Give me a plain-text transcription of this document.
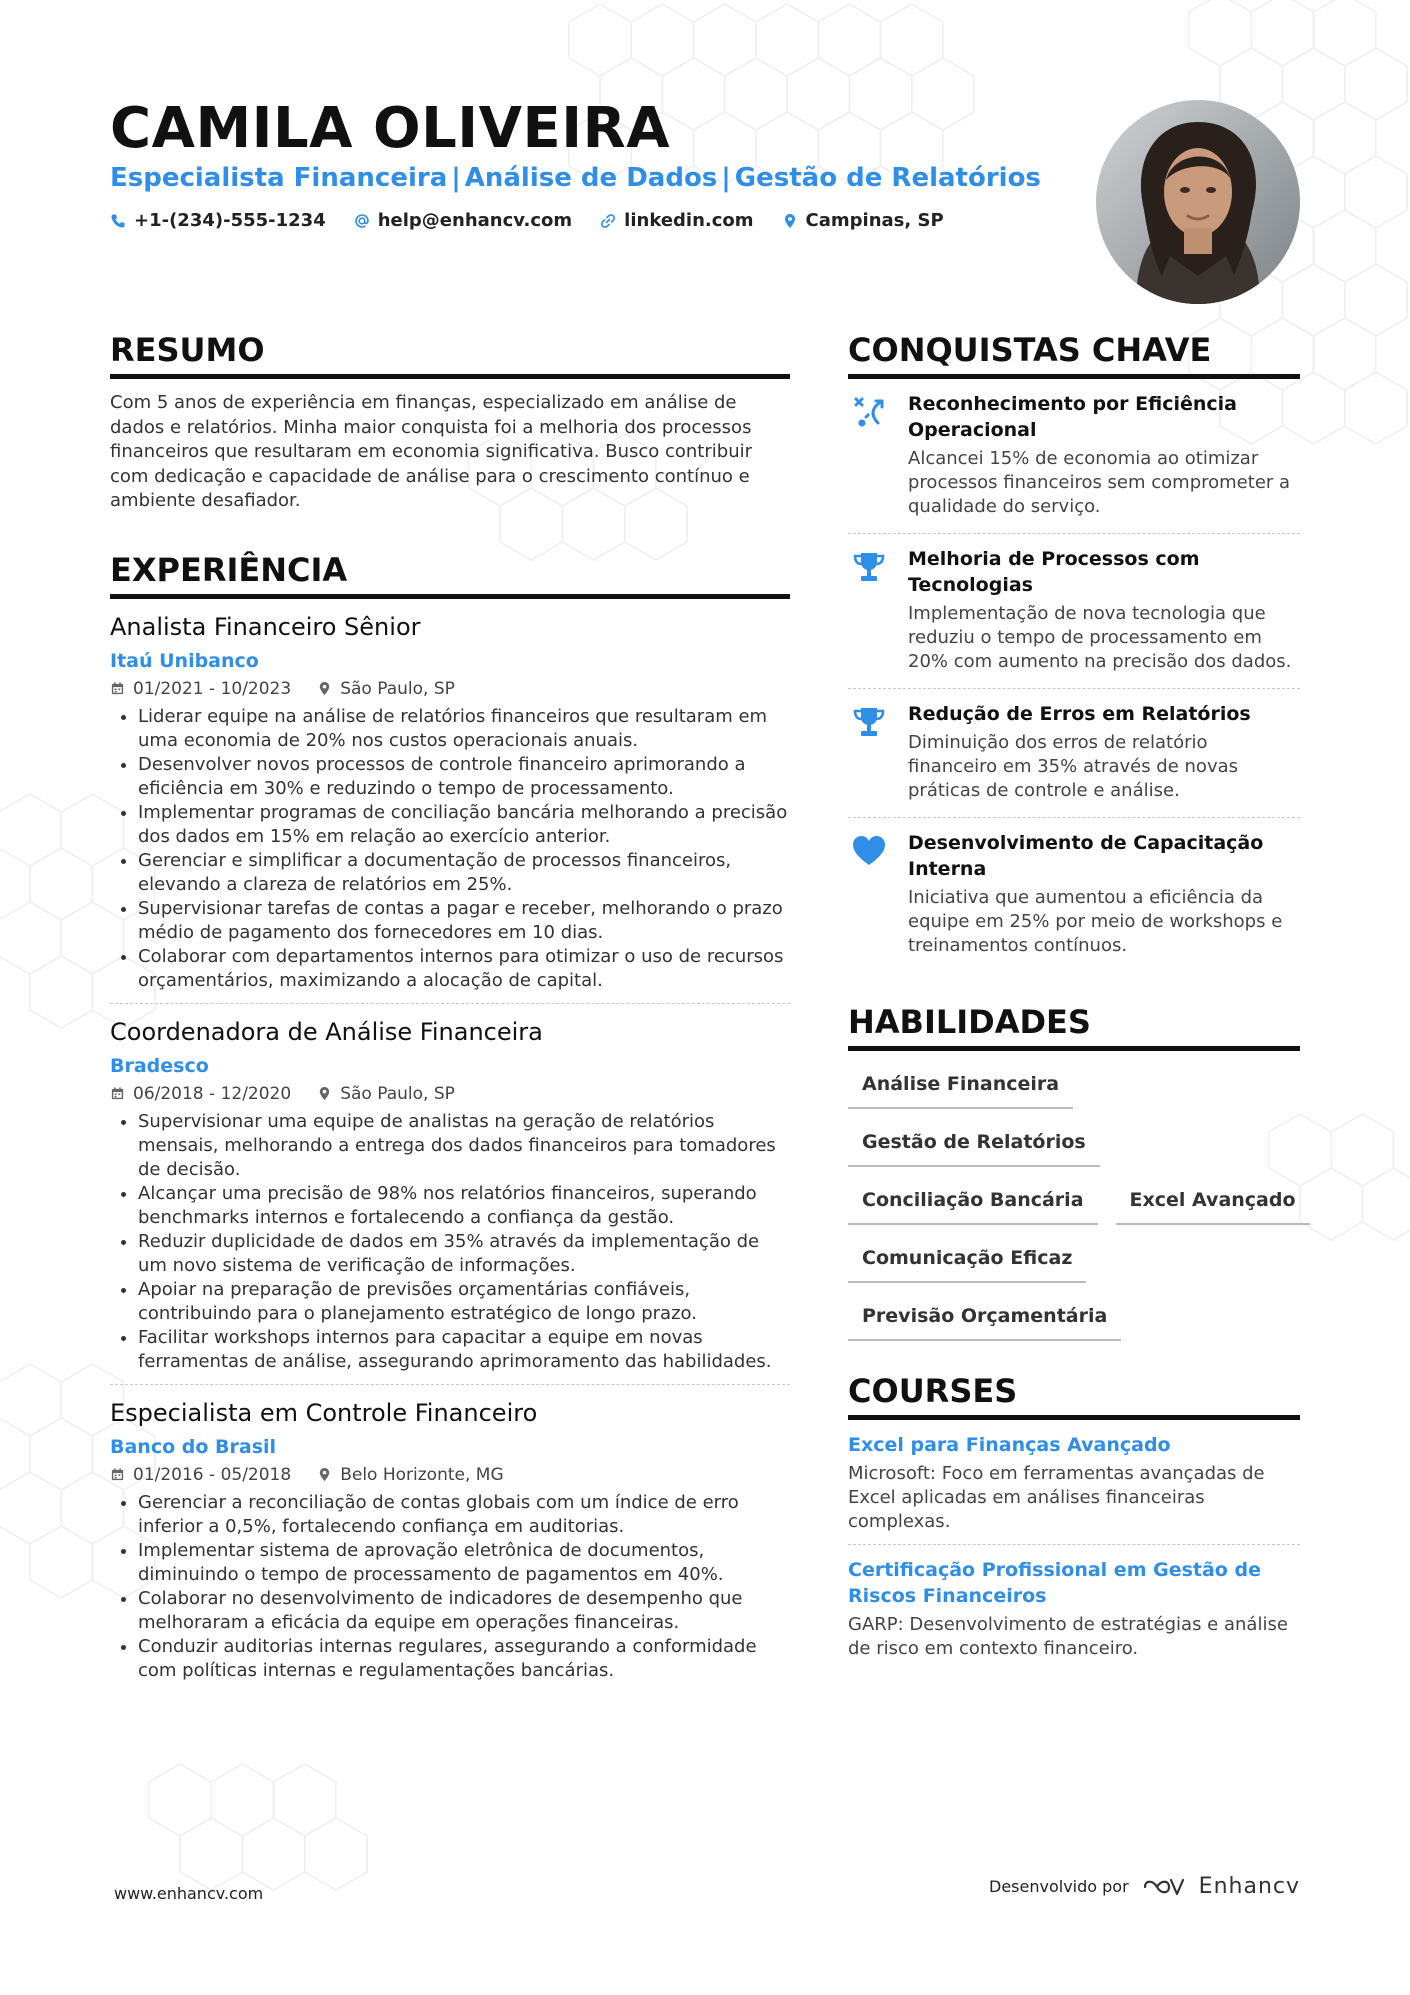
CAMILA OLIVEIRA
Especialista Financeira | Análise de Dados | Gestão de Relatórios
+1-(234)-555-1234	help@enhancv.com	linkedin.com	Campinas, SP
RESUMO

Com 5 anos de experiência em finanças, especializado em análise de dados e relatórios. Minha maior conquista foi a melhoria dos processos financeiros que resultaram em economia significativa. Busco contribuir com dedicação e capacidade de análise para o crescimento contínuo e ambiente desafiador.

EXPERIÊNCIA
Analista Financeiro Sênior
Itaú Unibanco
01/2021 - 10/2023	São Paulo, SP
• Liderar equipe na análise de relatórios financeiros que resultaram em uma economia de 20% nos custos operacionais anuais.
• Desenvolver novos processos de controle financeiro aprimorando a eficiência em 30% e reduzindo o tempo de processamento.
• Implementar programas de conciliação bancária melhorando a precisão dos dados em 15% em relação ao exercício anterior.
• Gerenciar e simplificar a documentação de processos financeiros, elevando a clareza de relatórios em 25%.
• Supervisionar tarefas de contas a pagar e receber, melhorando o prazo médio de pagamento dos fornecedores em 10 dias.
• Colaborar com departamentos internos para otimizar o uso de recursos orçamentários, maximizando a alocação de capital.
Coordenadora de Análise Financeira
Bradesco
06/2018 - 12/2020	São Paulo, SP
• Supervisionar uma equipe de analistas na geração de relatórios mensais, melhorando a entrega dos dados financeiros para tomadores de decisão.
• Alcançar uma precisão de 98% nos relatórios financeiros, superando benchmarks internos e fortalecendo a confiança da gestão.
• Reduzir duplicidade de dados em 35% através da implementação de um novo sistema de verificação de informações.
• Apoiar na preparação de previsões orçamentárias confiáveis, contribuindo para o planejamento estratégico de longo prazo.
• Facilitar workshops internos para capacitar a equipe em novas ferramentas de análise, assegurando aprimoramento das habilidades.
Especialista em Controle Financeiro
Banco do Brasil
01/2016 - 05/2018	Belo Horizonte, MG
• Gerenciar a reconciliação de contas globais com um índice de erro inferior a 0,5%, fortalecendo confiança em auditorias.
• Implementar sistema de aprovação eletrônica de documentos, diminuindo o tempo de processamento de pagamentos em 40%.
• Colaborar no desenvolvimento de indicadores de desempenho que melhoraram a eficácia da equipe em operações financeiras.
• Conduzir auditorias internas regulares, assegurando a conformidade com políticas internas e regulamentações bancárias.
CONQUISTAS CHAVE
Reconhecimento por Eficiência Operacional
Alcancei 15% de economia ao otimizar processos financeiros sem comprometer a qualidade do serviço.
Melhoria de Processos com Tecnologias
Implementação de nova tecnologia que reduziu o tempo de processamento em 20% com aumento na precisão dos dados.
Redução de Erros em Relatórios
Diminuição dos erros de relatório financeiro em 35% através de novas práticas de controle e análise.
Desenvolvimento de Capacitação Interna
Iniciativa que aumentou a eficiência da equipe em 25% por meio de workshops e treinamentos contínuos.
HABILIDADES
Análise Financeira
Gestão de Relatórios
Conciliação Bancária	Excel Avançado
Comunicação Eficaz
Previsão Orçamentária
COURSES
Excel para Finanças Avançado
Microsoft: Foco em ferramentas avançadas de Excel aplicadas em análises financeiras complexas.
Certificação Profissional em Gestão de Riscos Financeiros
GARP: Desenvolvimento de estratégias e análise de risco em contexto financeiro.
www.enhancv.com	Desenvolvido por	Enhancv
